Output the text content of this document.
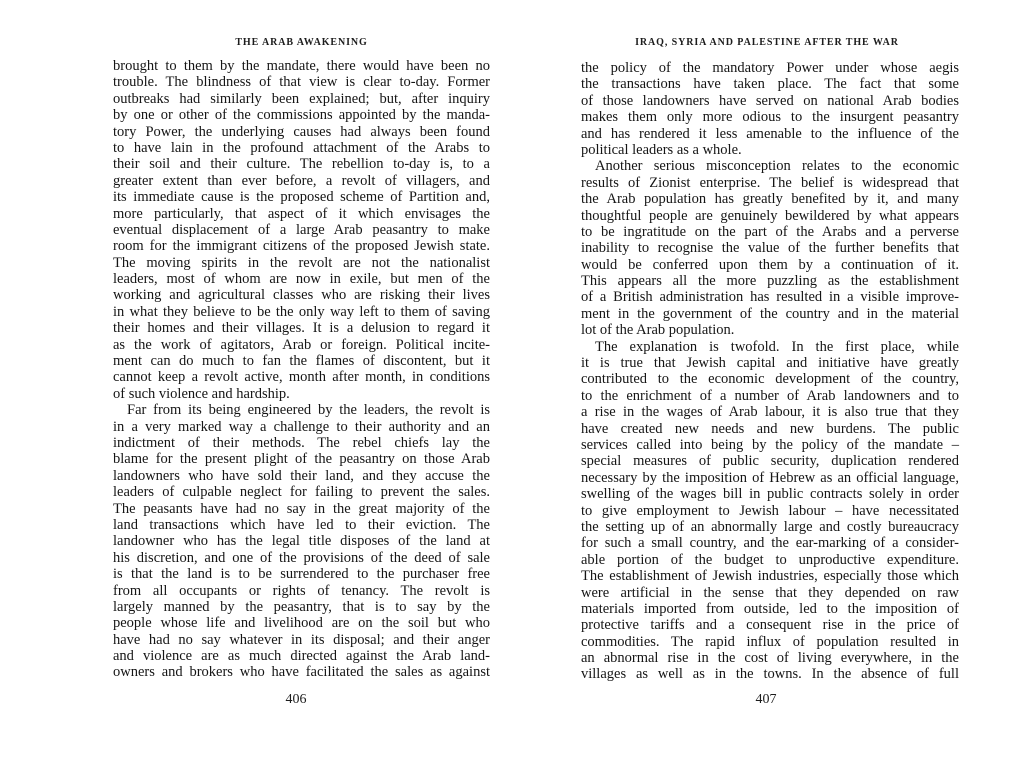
THE ARAB AWAKENING
brought to them by the mandate, there would have been no
trouble. The blindness of that view is clear to-day. Former
outbreaks had similarly been explained; but, after inquiry
by one or other of the commissions appointed by the manda-
tory Power, the underlying causes had always been found
to have lain in the profound attachment of the Arabs to
their soil and their culture. The rebellion to-day is, to a
greater extent than ever before, a revolt of villagers, and
its immediate cause is the proposed scheme of Partition and,
more particularly, that aspect of it which envisages the
eventual displacement of a large Arab peasantry to make
room for the immigrant citizens of the proposed Jewish state.
The moving spirits in the revolt are not the nationalist
leaders, most of whom are now in exile, but men of the
working and agricultural classes who are risking their lives
in what they believe to be the only way left to them of saving
their homes and their villages. It is a delusion to regard it
as the work of agitators, Arab or foreign. Political incite-
ment can do much to fan the flames of discontent, but it
cannot keep a revolt active, month after month, in conditions
of such violence and hardship.
Far from its being engineered by the leaders, the revolt is
in a very marked way a challenge to their authority and an
indictment of their methods. The rebel chiefs lay the
blame for the present plight of the peasantry on those Arab
landowners who have sold their land, and they accuse the
leaders of culpable neglect for failing to prevent the sales.
The peasants have had no say in the great majority of the
land transactions which have led to their eviction. The
landowner who has the legal title disposes of the land at
his discretion, and one of the provisions of the deed of sale
is that the land is to be surrendered to the purchaser free
from all occupants or rights of tenancy. The revolt is
largely manned by the peasantry, that is to say by the
people whose life and livelihood are on the soil but who
have had no say whatever in its disposal; and their anger
and violence are as much directed against the Arab land-
owners and brokers who have facilitated the sales as against
406
IRAQ, SYRIA AND PALESTINE AFTER THE WAR
the policy of the mandatory Power under whose aegis
the transactions have taken place. The fact that some
of those landowners have served on national Arab bodies
makes them only more odious to the insurgent peasantry
and has rendered it less amenable to the influence of the
political leaders as a whole.
Another serious misconception relates to the economic
results of Zionist enterprise. The belief is widespread that
the Arab population has greatly benefited by it, and many
thoughtful people are genuinely bewildered by what appears
to be ingratitude on the part of the Arabs and a perverse
inability to recognise the value of the further benefits that
would be conferred upon them by a continuation of it.
This appears all the more puzzling as the establishment
of a British administration has resulted in a visible improve-
ment in the government of the country and in the material
lot of the Arab population.
The explanation is twofold. In the first place, while
it is true that Jewish capital and initiative have greatly
contributed to the economic development of the country,
to the enrichment of a number of Arab landowners and to
a rise in the wages of Arab labour, it is also true that they
have created new needs and new burdens. The public
services called into being by the policy of the mandate –
special measures of public security, duplication rendered
necessary by the imposition of Hebrew as an official language,
swelling of the wages bill in public contracts solely in order
to give employment to Jewish labour – have necessitated
the setting up of an abnormally large and costly bureaucracy
for such a small country, and the ear-marking of a consider-
able portion of the budget to unproductive expenditure.
The establishment of Jewish industries, especially those which
were artificial in the sense that they depended on raw
materials imported from outside, led to the imposition of
protective tariffs and a consequent rise in the price of
commodities. The rapid influx of population resulted in
an abnormal rise in the cost of living everywhere, in the
villages as well as in the towns. In the absence of full
407
